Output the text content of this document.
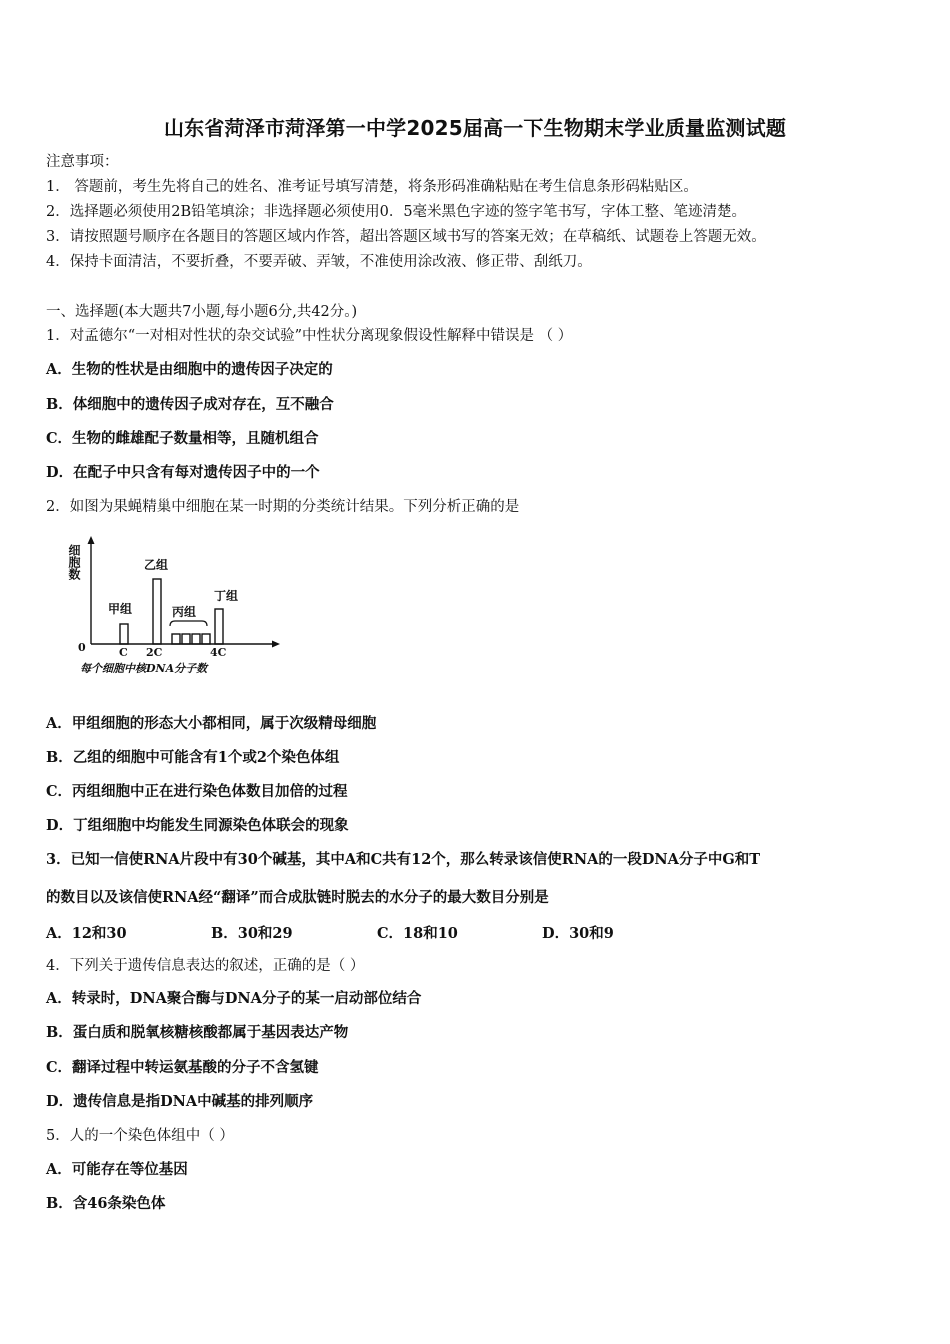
山东省菏泽市菏泽第一中学2025届高一下生物期末学业质量监测试题
注意事项：
1． 答题前，考生先将自己的姓名、准考证号填写清楚，将条形码准确粘贴在考生信息条形码粘贴区。
2．选择题必须使用2B铅笔填涂；非选择题必须使用0．5毫米黑色字迹的签字笔书写，字体工整、笔迹清楚。
3．请按照题号顺序在各题目的答题区域内作答，超出答题区域书写的答案无效；在草稿纸、试题卷上答题无效。
4．保持卡面清洁，不要折叠，不要弄破、弄皱，不准使用涂改液、修正带、刮纸刀。
一、选择题(本大题共7小题,每小题6分,共42分。)
1．对孟德尔“一对相对性状的杂交试验”中性状分离现象假设性解释中错误是 （ ）
A．生物的性状是由细胞中的遗传因子决定的
B．体细胞中的遗传因子成对存在，互不融合
C．生物的雌雄配子数量相等，且随机组合
D．在配子中只含有每对遗传因子中的一个
2．如图为果蝇精巢中细胞在某一时期的分类统计结果。下列分析正确的是
细胞数
0	C 2C	4C
每个细胞中核DNA分子数
甲组
乙组
丙组
丁组
A．甲组细胞的形态大小都相同，属于次级精母细胞
B．乙组的细胞中可能含有1个或2个染色体组
C．丙组细胞中正在进行染色体数目加倍的过程
D．丁组细胞中均能发生同源染色体联会的现象
3．已知一信使RNA片段中有30个碱基，其中A和C共有12个，那么转录该信使RNA的一段DNA分子中G和T
的数目以及该信使RNA经“翻译”而合成肽链时脱去的水分子的最大数目分别是
A．12和30	B．30和29	C．18和10	D．30和9
4．下列关于遗传信息表达的叙述，正确的是（ ）
A．转录时，DNA聚合酶与DNA分子的某一启动部位结合
B．蛋白质和脱氧核糖核酸都属于基因表达产物
C．翻译过程中转运氨基酸的分子不含氢键
D．遗传信息是指DNA中碱基的排列顺序
5．人的一个染色体组中（ ）
A．可能存在等位基因
B．含46条染色体
